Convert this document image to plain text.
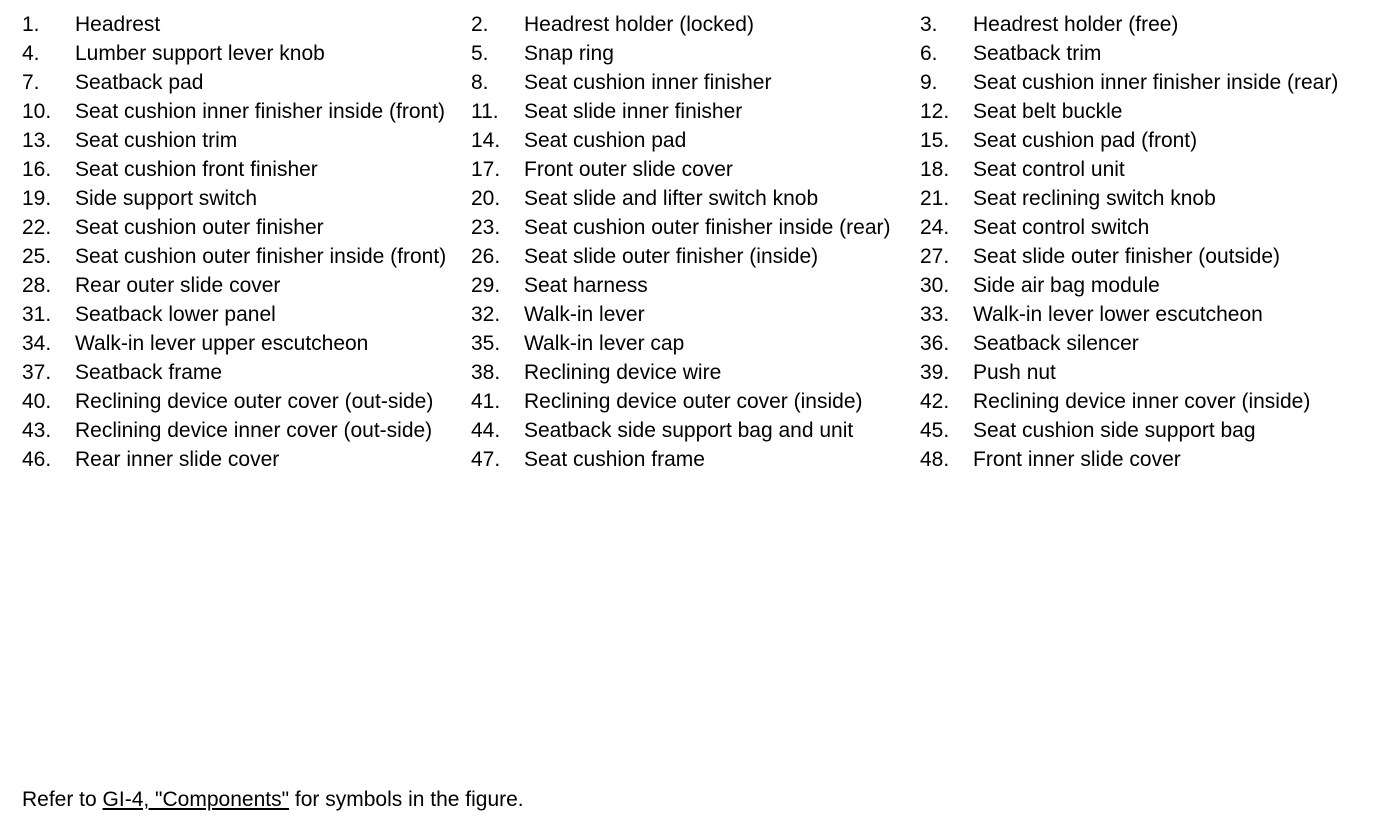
1.	Headrest	2.	Headrest holder (locked)	3.	Headrest holder (free)
4.	Lumber support lever knob	5.	Snap ring	6.	Seatback trim
7.	Seatback pad	8.	Seat cushion inner finisher	9.	Seat cushion inner finisher inside (rear)
10.	Seat cushion inner finisher inside (front)	11.	Seat slide inner finisher	12.	Seat belt buckle
13.	Seat cushion trim	14.	Seat cushion pad	15.	Seat cushion pad (front)
16.	Seat cushion front finisher	17.	Front outer slide cover	18.	Seat control unit
19.	Side support switch	20.	Seat slide and lifter switch knob	21.	Seat reclining switch knob
22.	Seat cushion outer finisher	23.	Seat cushion outer finisher inside (rear)	24.	Seat control switch
25.	Seat cushion outer finisher inside (front)	26.	Seat slide outer finisher (inside)	27.	Seat slide outer finisher (outside)
28.	Rear outer slide cover	29.	Seat harness	30.	Side air bag module
31.	Seatback lower panel	32.	Walk-in lever	33.	Walk-in lever lower escutcheon
34.	Walk-in lever upper escutcheon	35.	Walk-in lever cap	36.	Seatback silencer
37.	Seatback frame	38.	Reclining device wire	39.	Push nut
40.	Reclining device outer cover (out-side)	41.	Reclining device outer cover (inside)	42.	Reclining device inner cover (inside)
43.	Reclining device inner cover (out-side)	44.	Seatback side support bag and unit	45.	Seat cushion side support bag
46.	Rear inner slide cover	47.	Seat cushion frame	48.	Front inner slide cover
Refer to GI-4, "Components" for symbols in the figure.
